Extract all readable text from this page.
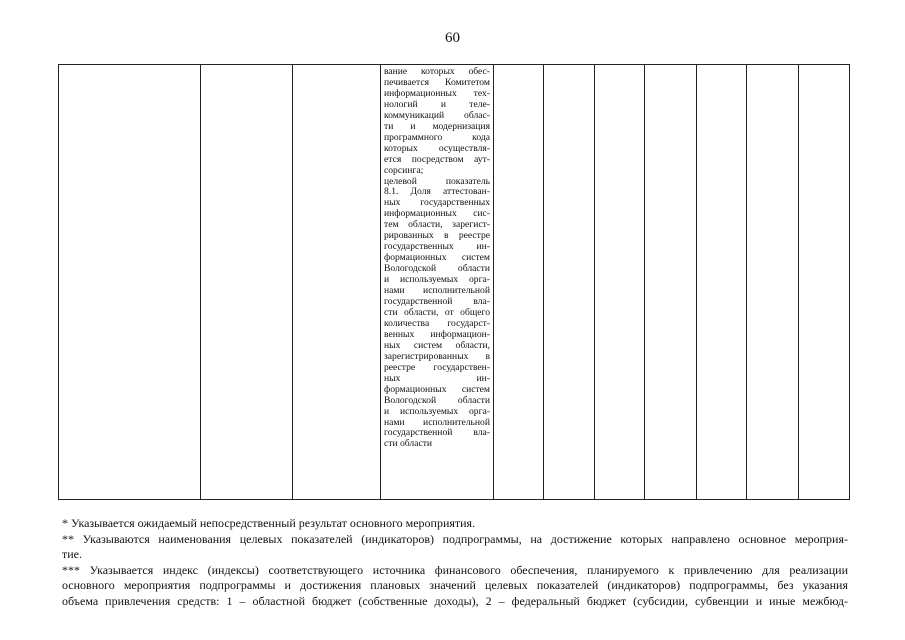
60

вание которых обес-
печивается Комитетом
информационных тех-
нологий и теле-
коммуникаций облас-
ти и модернизация
программного кода
которых осуществля-
ется посредством аут-
сорсинга;
целевой показатель
8.1. Доля аттестован-
ных государственных
информационных сис-
тем области, зарегист-
рированных в реестре
государственных ин-
формационных систем
Вологодской области
и используемых орга-
нами исполнительной
государственной вла-
сти области, от общего
количества государст-
венных информацион-
ных систем области,
зарегистрированных в
реестре государствен-
ных ин-
формационных систем
Вологодской области
и используемых орга-
нами исполнительной
государственной вла-
сти области

* Указывается ожидаемый непосредственный результат основного мероприятия.

** Указываются наименования целевых показателей (индикаторов) подпрограммы, на достижение которых направлено основное мероприя-

тие.

*** Указывается индекс (индексы) соответствующего источника финансового обеспечения, планируемого к привлечению для реализации

основного мероприятия подпрограммы и достижения плановых значений целевых показателей (индикаторов) подпрограммы, без указания

объема привлечения средств: 1 – областной бюджет (собственные доходы), 2 – федеральный бюджет (субсидии, субвенции и иные межбюд-
